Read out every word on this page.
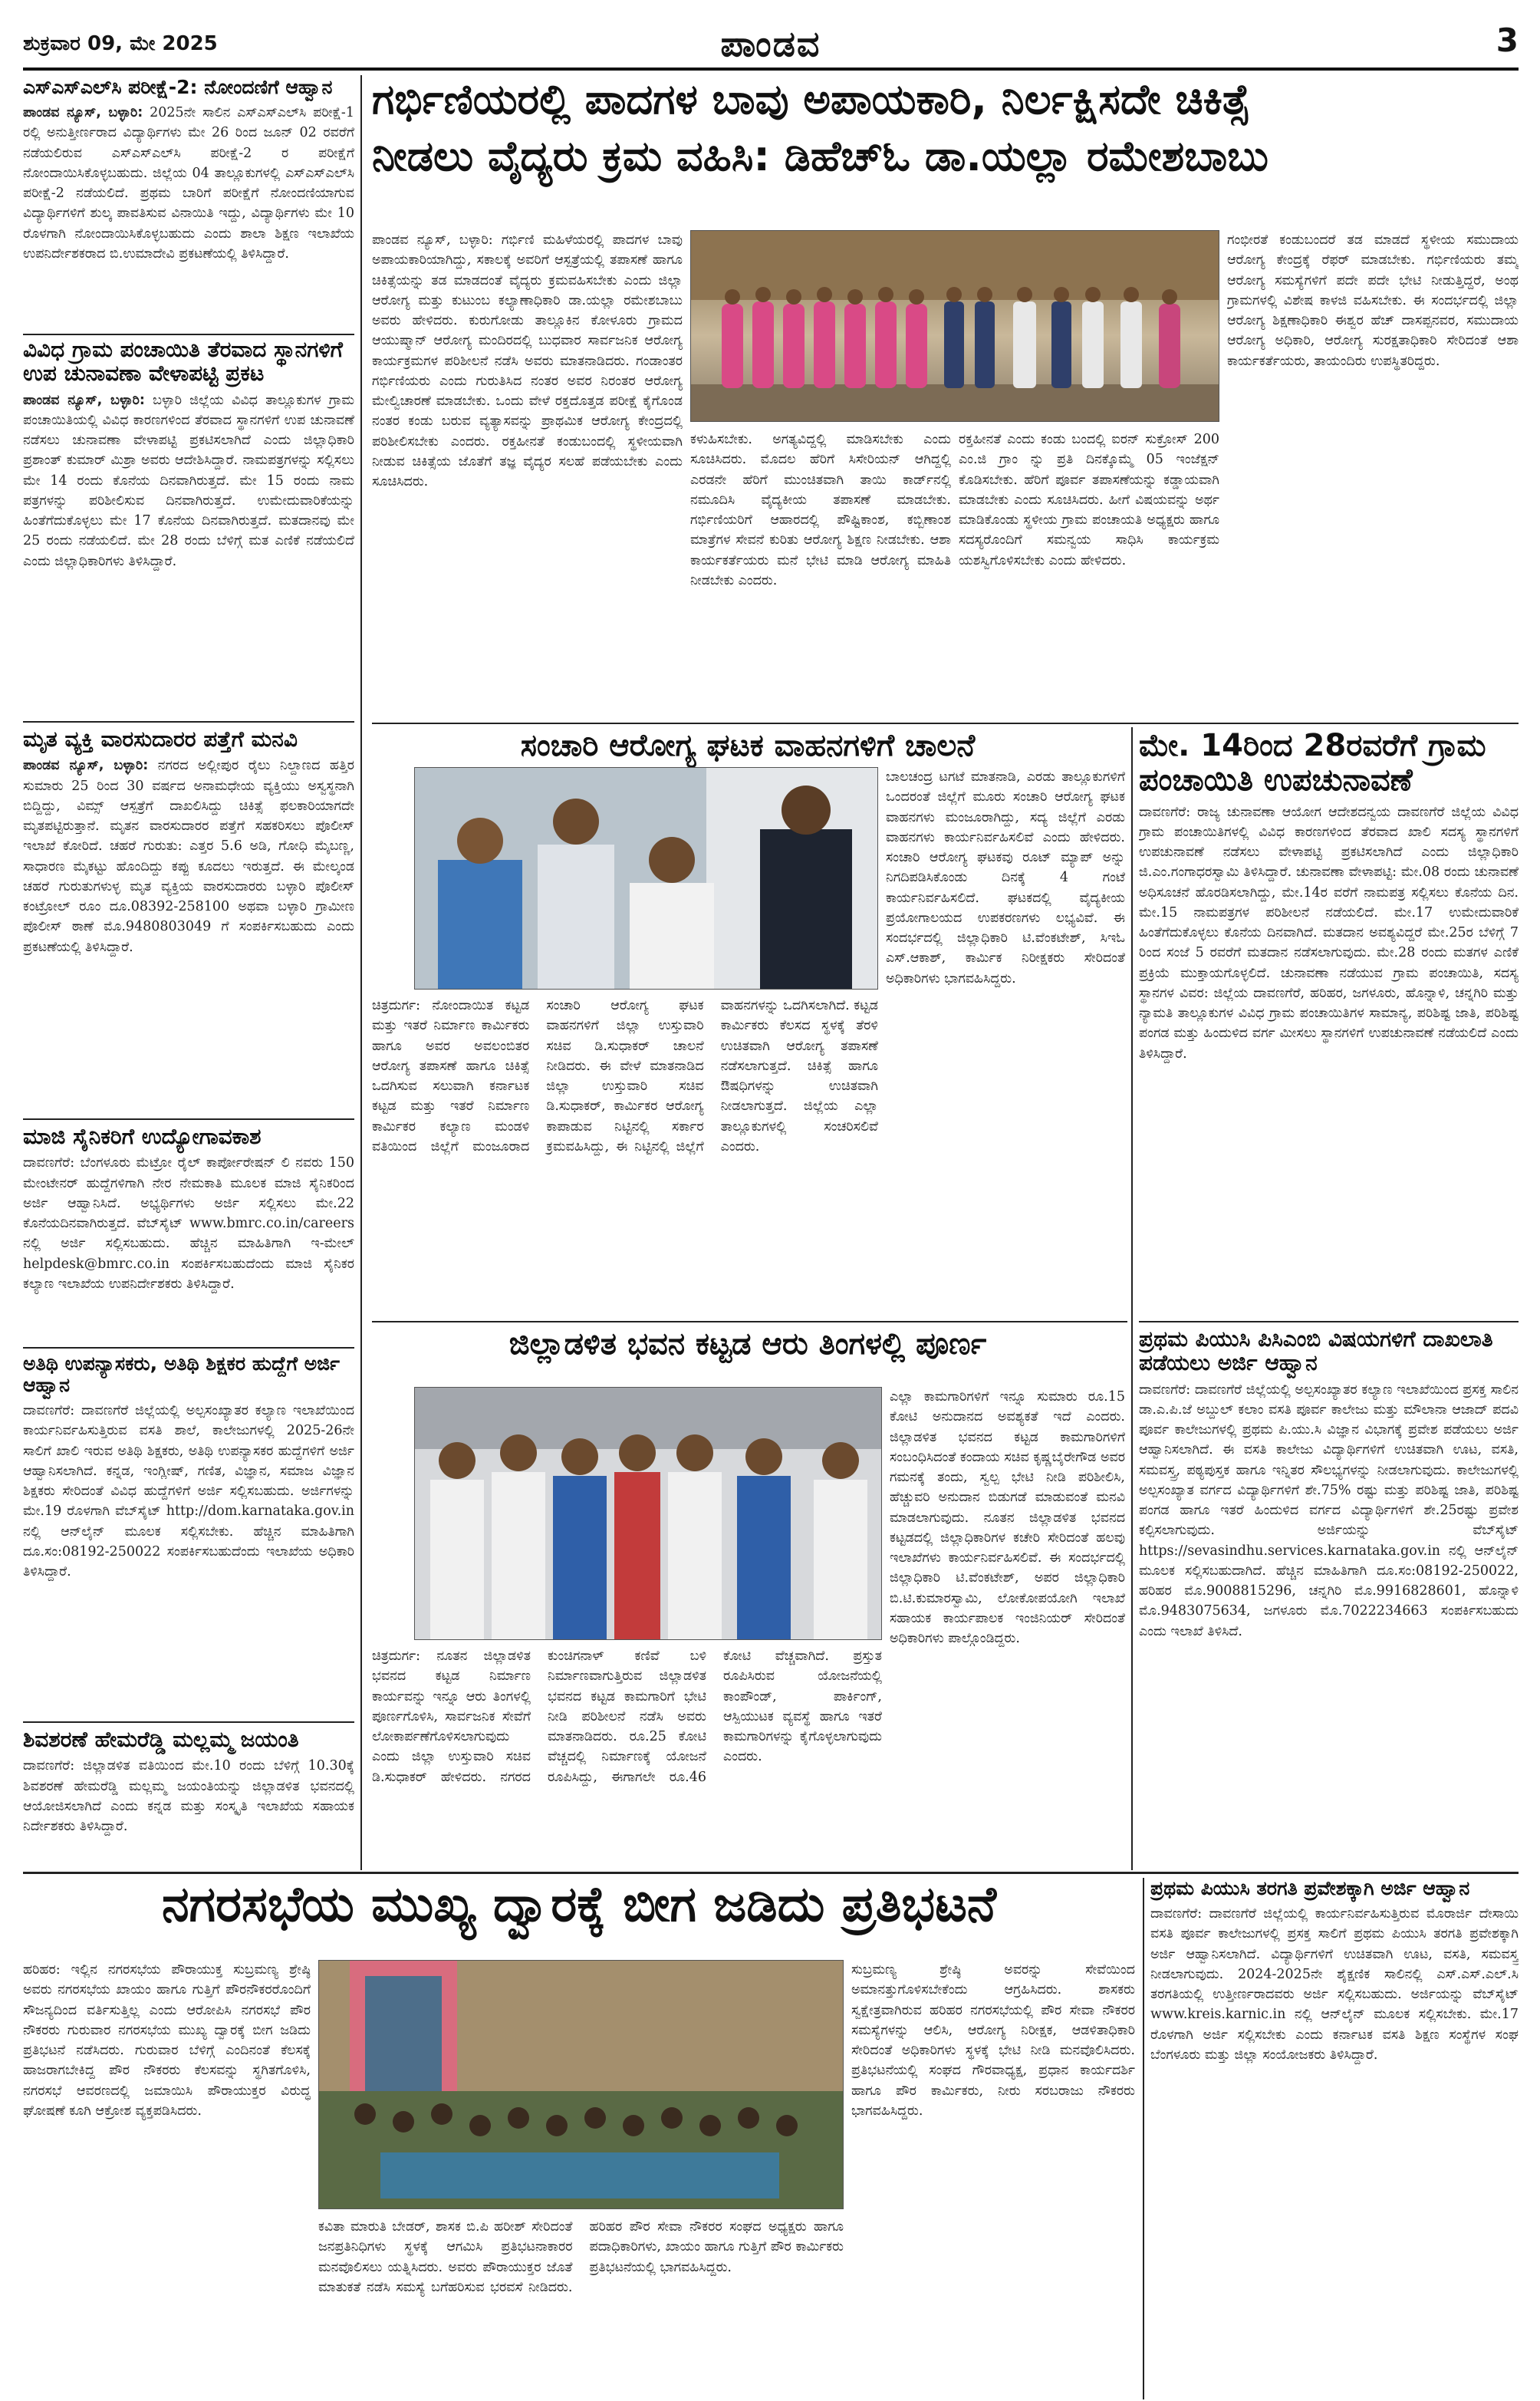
ಶುಕ್ರವಾರ 09, ಮೇ 2025	ಪಾಂಡವ	3
ಎಸ್‌ಎಸ್‌ಎಲ್‌ಸಿ ಪರೀಕ್ಷೆ-2: ನೋಂದಣಿಗೆ ಆಹ್ವಾನ
ಪಾಂಡವ ನ್ಯೂಸ್, ಬಳ್ಳಾರಿ: 2025ನೇ ಸಾಲಿನ ಎಸ್‌ಎಸ್‌ಎಲ್‌ಸಿ ಪರೀಕ್ಷೆ-1 ರಲ್ಲಿ ಅನುತ್ತೀರ್ಣರಾದ ವಿದ್ಯಾರ್ಥಿಗಳು ಮೇ 26 ರಿಂದ ಜೂನ್ 02 ರವರೆಗೆ ನಡೆಯಲಿರುವ ಎಸ್‌ಎಸ್‌ಎಲ್‌ಸಿ ಪರೀಕ್ಷೆ-2 ರ ಪರೀಕ್ಷೆಗೆ ನೋಂದಾಯಿಸಿಕೊಳ್ಳಬಹುದು. ಜಿಲ್ಲೆಯ 04 ತಾಲ್ಲೂಕುಗಳಲ್ಲಿ ಎಸ್‌ಎಸ್‌ಎಲ್‌ಸಿ ಪರೀಕ್ಷೆ-2 ನಡೆಯಲಿದೆ. ಪ್ರಥಮ ಬಾರಿಗೆ ಪರೀಕ್ಷೆಗೆ ನೋಂದಣಿಯಾಗುವ ವಿದ್ಯಾರ್ಥಿಗಳಿಗೆ ಶುಲ್ಕ ಪಾವತಿಸುವ ವಿನಾಯಿತಿ ಇದ್ದು, ವಿದ್ಯಾರ್ಥಿಗಳು ಮೇ 10 ರೊಳಗಾಗಿ ನೋಂದಾಯಿಸಿಕೊಳ್ಳಬಹುದು ಎಂದು ಶಾಲಾ ಶಿಕ್ಷಣ ಇಲಾಖೆಯ ಉಪನಿರ್ದೇಶಕರಾದ ಬಿ.ಉಮಾದೇವಿ ಪ್ರಕಟಣೆಯಲ್ಲಿ ತಿಳಿಸಿದ್ದಾರೆ.
ವಿವಿಧ ಗ್ರಾಮ ಪಂಚಾಯಿತಿ ತೆರವಾದ ಸ್ಥಾನಗಳಿಗೆ ಉಪ ಚುನಾವಣಾ ವೇಳಾಪಟ್ಟಿ ಪ್ರಕಟ
ಪಾಂಡವ ನ್ಯೂಸ್, ಬಳ್ಳಾರಿ: ಬಳ್ಳಾರಿ ಜಿಲ್ಲೆಯ ವಿವಿಧ ತಾಲ್ಲೂಕುಗಳ ಗ್ರಾಮ ಪಂಚಾಯಿತಿಯಲ್ಲಿ ವಿವಿಧ ಕಾರಣಗಳಿಂದ ತೆರವಾದ ಸ್ಥಾನಗಳಿಗೆ ಉಪ ಚುನಾವಣೆ ನಡೆಸಲು ಚುನಾವಣಾ ವೇಳಾಪಟ್ಟಿ ಪ್ರಕಟಿಸಲಾಗಿದೆ ಎಂದು ಜಿಲ್ಲಾಧಿಕಾರಿ ಪ್ರಶಾಂತ್ ಕುಮಾರ್ ಮಿಶ್ರಾ ಅವರು ಆದೇಶಿಸಿದ್ದಾರೆ. ನಾಮಪತ್ರಗಳನ್ನು ಸಲ್ಲಿಸಲು ಮೇ 14 ರಂದು ಕೊನೆಯ ದಿನವಾಗಿರುತ್ತದೆ. ಮೇ 15 ರಂದು ನಾಮ ಪತ್ರಗಳನ್ನು ಪರಿಶೀಲಿಸುವ ದಿನವಾಗಿರುತ್ತದೆ. ಉಮೇದುವಾರಿಕೆಯನ್ನು ಹಿಂತೆಗೆದುಕೊಳ್ಳಲು ಮೇ 17 ಕೊನೆಯ ದಿನವಾಗಿರುತ್ತದೆ. ಮತದಾನವು ಮೇ 25 ರಂದು ನಡೆಯಲಿದೆ. ಮೇ 28 ರಂದು ಬೆಳಿಗ್ಗೆ ಮತ ಎಣಿಕೆ ನಡೆಯಲಿದೆ ಎಂದು ಜಿಲ್ಲಾಧಿಕಾರಿಗಳು ತಿಳಿಸಿದ್ದಾರೆ.
ಮೃತ ವ್ಯಕ್ತಿ ವಾರಸುದಾರರ ಪತ್ತೆಗೆ ಮನವಿ
ಪಾಂಡವ ನ್ಯೂಸ್, ಬಳ್ಳಾರಿ: ನಗರದ ಅಲ್ಲೀಪುರ ರೈಲು ನಿಲ್ದಾಣದ ಹತ್ತಿರ ಸುಮಾರು 25 ರಿಂದ 30 ವರ್ಷದ ಅನಾಮಧೇಯ ವ್ಯಕ್ತಿಯು ಅಸ್ವಸ್ಥನಾಗಿ ಬಿದ್ದಿದ್ದು, ವಿಮ್ಸ್ ಆಸ್ಪತ್ರೆಗೆ ದಾಖಲಿಸಿದ್ದು ಚಿಕಿತ್ಸೆ ಫಲಕಾರಿಯಾಗದೇ ಮೃತಪಟ್ಟಿರುತ್ತಾನೆ. ಮೃತನ ವಾರಸುದಾರರ ಪತ್ತೆಗೆ ಸಹಕರಿಸಲು ಪೊಲೀಸ್ ಇಲಾಖೆ ಕೋರಿದೆ. ಚಹರೆ ಗುರುತು: ಎತ್ತರ 5.6 ಅಡಿ, ಗೋಧಿ ಮೈಬಣ್ಣ, ಸಾಧಾರಣ ಮೈಕಟ್ಟು ಹೊಂದಿದ್ದು ಕಪ್ಪು ಕೂದಲು ಇರುತ್ತದೆ. ಈ ಮೇಲ್ಕಂಡ ಚಹರೆ ಗುರುತುಗಳುಳ್ಳ ಮೃತ ವ್ಯಕ್ತಿಯ ವಾರಸುದಾರರು ಬಳ್ಳಾರಿ ಪೊಲೀಸ್ ಕಂಟ್ರೋಲ್ ರೂಂ ದೂ.08392-258100 ಅಥವಾ ಬಳ್ಳಾರಿ ಗ್ರಾಮೀಣ ಪೊಲೀಸ್ ಠಾಣೆ ಮೊ.9480803049 ಗೆ ಸಂಪರ್ಕಿಸಬಹುದು ಎಂದು ಪ್ರಕಟಣೆಯಲ್ಲಿ ತಿಳಿಸಿದ್ದಾರೆ.
ಮಾಜಿ ಸೈನಿಕರಿಗೆ ಉದ್ಯೋಗಾವಕಾಶ
ದಾವಣಗೆರೆ: ಬೆಂಗಳೂರು ಮೆಟ್ರೋ ರೈಲ್ ಕಾರ್ಪೋರೇಷನ್ ಲಿ ನವರು 150 ಮೇಂಟೇನರ್ ಹುದ್ದೆಗಳಿಗಾಗಿ ನೇರ ನೇಮಕಾತಿ ಮೂಲಕ ಮಾಜಿ ಸೈನಿಕರಿಂದ ಅರ್ಜಿ ಆಹ್ವಾನಿಸಿದೆ. ಅಭ್ಯರ್ಥಿಗಳು ಅರ್ಜಿ ಸಲ್ಲಿಸಲು ಮೇ.22 ಕೊನೆಯದಿನವಾಗಿರುತ್ತದೆ. ವೆಬ್‌ಸೈಟ್ www.bmrc.co.in/careers ನಲ್ಲಿ ಅರ್ಜಿ ಸಲ್ಲಿಸಬಹುದು. ಹೆಚ್ಚಿನ ಮಾಹಿತಿಗಾಗಿ ಇ-ಮೇಲ್ helpdesk@bmrc.co.in ಸಂಪರ್ಕಿಸಬಹುದೆಂದು ಮಾಜಿ ಸೈನಿಕರ ಕಲ್ಯಾಣ ಇಲಾಖೆಯ ಉಪನಿರ್ದೇಶಕರು ತಿಳಿಸಿದ್ದಾರೆ.
ಅತಿಥಿ ಉಪನ್ಯಾಸಕರು, ಅತಿಥಿ ಶಿಕ್ಷಕರ ಹುದ್ದೆಗೆ ಅರ್ಜಿ ಆಹ್ವಾನ
ದಾವಣಗೆರೆ: ದಾವಣಗೆರೆ ಜಿಲ್ಲೆಯಲ್ಲಿ ಅಲ್ಪಸಂಖ್ಯಾತರ ಕಲ್ಯಾಣ ಇಲಾಖೆಯಿಂದ ಕಾರ್ಯನಿರ್ವಹಿಸುತ್ತಿರುವ ವಸತಿ ಶಾಲೆ, ಕಾಲೇಜುಗಳಲ್ಲಿ 2025-26ನೇ ಸಾಲಿಗೆ ಖಾಲಿ ಇರುವ ಅತಿಥಿ ಶಿಕ್ಷಕರು, ಅತಿಥಿ ಉಪನ್ಯಾಸಕರ ಹುದ್ದೆಗಳಿಗೆ ಅರ್ಜಿ ಆಹ್ವಾನಿಸಲಾಗಿದೆ. ಕನ್ನಡ, ಇಂಗ್ಲೀಷ್, ಗಣಿತ, ವಿಜ್ಞಾನ, ಸಮಾಜ ವಿಜ್ಞಾನ ಶಿಕ್ಷಕರು ಸೇರಿದಂತೆ ವಿವಿಧ ಹುದ್ದೆಗಳಿಗೆ ಅರ್ಜಿ ಸಲ್ಲಿಸಬಹುದು. ಅರ್ಜಿಗಳನ್ನು ಮೇ.19 ರೊಳಗಾಗಿ ವೆಬ್‌ಸೈಟ್ http://dom.karnataka.gov.in ನಲ್ಲಿ ಆನ್‌ಲೈನ್ ಮೂಲಕ ಸಲ್ಲಿಸಬೇಕು. ಹೆಚ್ಚಿನ ಮಾಹಿತಿಗಾಗಿ ದೂ.ಸಂ:08192-250022 ಸಂಪರ್ಕಿಸಬಹುದೆಂದು ಇಲಾಖೆಯ ಅಧಿಕಾರಿ ತಿಳಿಸಿದ್ದಾರೆ.
ಶಿವಶರಣೆ ಹೇಮರೆಡ್ಡಿ ಮಲ್ಲಮ್ಮ ಜಯಂತಿ
ದಾವಣಗೆರೆ: ಜಿಲ್ಲಾಡಳಿತ ವತಿಯಿಂದ ಮೇ.10 ರಂದು ಬೆಳಿಗ್ಗೆ 10.30ಕ್ಕೆ ಶಿವಶರಣೆ ಹೇಮರೆಡ್ಡಿ ಮಲ್ಲಮ್ಮ ಜಯಂತಿಯನ್ನು ಜಿಲ್ಲಾಡಳಿತ ಭವನದಲ್ಲಿ ಆಯೋಜಿಸಲಾಗಿದೆ ಎಂದು ಕನ್ನಡ ಮತ್ತು ಸಂಸ್ಕೃತಿ ಇಲಾಖೆಯ ಸಹಾಯಕ ನಿರ್ದೇಶಕರು ತಿಳಿಸಿದ್ದಾರೆ.
ಗರ್ಭಿಣಿಯರಲ್ಲಿ ಪಾದಗಳ ಬಾವು ಅಪಾಯಕಾರಿ, ನಿರ್ಲಕ್ಷಿಸದೇ ಚಿಕಿತ್ಸೆ
ನೀಡಲು ವೈದ್ಯರು ಕ್ರಮ ವಹಿಸಿ: ಡಿಹೆಚ್‌ಓ ಡಾ.ಯಲ್ಲಾ ರಮೇಶಬಾಬು
ಪಾಂಡವ ನ್ಯೂಸ್, ಬಳ್ಳಾರಿ: ಗರ್ಭಿಣಿ ಮಹಿಳೆಯರಲ್ಲಿ ಪಾದಗಳ ಬಾವು ಅಪಾಯಕಾರಿಯಾಗಿದ್ದು, ಸಕಾಲಕ್ಕೆ ಅವರಿಗೆ ಆಸ್ಪತ್ರೆಯಲ್ಲಿ ತಪಾಸಣೆ ಹಾಗೂ ಚಿಕಿತ್ಸೆಯನ್ನು ತಡ ಮಾಡದಂತೆ ವೈದ್ಯರು ಕ್ರಮವಹಿಸಬೇಕು ಎಂದು ಜಿಲ್ಲಾ ಆರೋಗ್ಯ ಮತ್ತು ಕುಟುಂಬ ಕಲ್ಯಾಣಾಧಿಕಾರಿ ಡಾ.ಯಲ್ಲಾ ರಮೇಶಬಾಬು ಅವರು ಹೇಳಿದರು. ಕುರುಗೋಡು ತಾಲ್ಲೂಕಿನ ಕೋಳೂರು ಗ್ರಾಮದ ಆಯುಷ್ಮಾನ್ ಆರೋಗ್ಯ ಮಂದಿರದಲ್ಲಿ ಬುಧವಾರ ಸಾರ್ವಜನಿಕ ಆರೋಗ್ಯ ಕಾರ್ಯಕ್ರಮಗಳ ಪರಿಶೀಲನೆ ನಡೆಸಿ ಅವರು ಮಾತನಾಡಿದರು. ಗಂಡಾಂತರ ಗರ್ಭಿಣಿಯರು ಎಂದು ಗುರುತಿಸಿದ ನಂತರ ಅವರ ನಿರಂತರ ಆರೋಗ್ಯ ಮೇಲ್ವಿಚಾರಣೆ ಮಾಡಬೇಕು. ಒಂದು ವೇಳೆ ರಕ್ತದೊತ್ತಡ ಪರೀಕ್ಷೆ ಕೈಗೊಂಡ ನಂತರ ಕಂಡು ಬರುವ ವ್ಯತ್ಯಾಸವನ್ನು ಪ್ರಾಥಮಿಕ ಆರೋಗ್ಯ ಕೇಂದ್ರದಲ್ಲಿ ಪರಿಶೀಲಿಸಬೇಕು ಎಂದರು. ರಕ್ತಹೀನತೆ ಕಂಡುಬಂದಲ್ಲಿ ಸ್ಥಳೀಯವಾಗಿ ನೀಡುವ ಚಿಕಿತ್ಸೆಯ ಜೊತೆಗೆ ತಜ್ಞ ವೈದ್ಯರ ಸಲಹೆ ಪಡೆಯಬೇಕು ಎಂದು ಸೂಚಿಸಿದರು.
ಕಳುಹಿಸಬೇಕು. ಅಗತ್ಯವಿದ್ದಲ್ಲಿ ಮಾಡಿಸಬೇಕು ಎಂದು ಸೂಚಿಸಿದರು. ಮೊದಲ ಹೆರಿಗೆ ಸಿಸೇರಿಯನ್ ಆಗಿದ್ದಲ್ಲಿ ಎರಡನೇ ಹೆರಿಗೆ ಮುಂಚಿತವಾಗಿ ತಾಯಿ ಕಾರ್ಡ್‌ನಲ್ಲಿ ನಮೂದಿಸಿ ವೈದ್ಯಕೀಯ ತಪಾಸಣೆ ಮಾಡಬೇಕು. ಗರ್ಭಿಣಿಯರಿಗೆ ಆಹಾರದಲ್ಲಿ ಪೌಷ್ಟಿಕಾಂಶ, ಕಬ್ಬಿಣಾಂಶ ಮಾತ್ರೆಗಳ ಸೇವನೆ ಕುರಿತು ಆರೋಗ್ಯ ಶಿಕ್ಷಣ ನೀಡಬೇಕು. ಆಶಾ ಕಾರ್ಯಕರ್ತೆಯರು ಮನೆ ಭೇಟಿ ಮಾಡಿ ಆರೋಗ್ಯ ಮಾಹಿತಿ ನೀಡಬೇಕು ಎಂದರು.
ರಕ್ತಹೀನತೆ ಎಂದು ಕಂಡು ಬಂದಲ್ಲಿ ಐರನ್ ಸುಕ್ರೋಸ್ 200 ಎಂ.ಜಿ ಗ್ರಾಂ ನ್ನು ಪ್ರತಿ ದಿನಕ್ಕೊಮ್ಮೆ 05 ಇಂಜೆಕ್ಷನ್ ಕೊಡಿಸಬೇಕು. ಹೆರಿಗೆ ಪೂರ್ವ ತಪಾಸಣೆಯನ್ನು ಕಡ್ಡಾಯವಾಗಿ ಮಾಡಬೇಕು ಎಂದು ಸೂಚಿಸಿದರು. ಹೀಗೆ ವಿಷಯವನ್ನು ಅರ್ಥ ಮಾಡಿಕೊಂಡು ಸ್ಥಳೀಯ ಗ್ರಾಮ ಪಂಚಾಯತಿ ಅಧ್ಯಕ್ಷರು ಹಾಗೂ ಸದಸ್ಯರೊಂದಿಗೆ ಸಮನ್ವಯ ಸಾಧಿಸಿ ಕಾರ್ಯಕ್ರಮ ಯಶಸ್ವಿಗೊಳಿಸಬೇಕು ಎಂದು ಹೇಳಿದರು.
ಗಂಭೀರತೆ ಕಂಡುಬಂದರೆ ತಡ ಮಾಡದೆ ಸ್ಥಳೀಯ ಸಮುದಾಯ ಆರೋಗ್ಯ ಕೇಂದ್ರಕ್ಕೆ ರೆಫರ್ ಮಾಡಬೇಕು. ಗರ್ಭಿಣಿಯರು ತಮ್ಮ ಆರೋಗ್ಯ ಸಮಸ್ಯೆಗಳಿಗೆ ಪದೇ ಪದೇ ಭೇಟಿ ನೀಡುತ್ತಿದ್ದರೆ, ಅಂಥ ಗ್ರಾಮಗಳಲ್ಲಿ ವಿಶೇಷ ಕಾಳಜಿ ವಹಿಸಬೇಕು. ಈ ಸಂದರ್ಭದಲ್ಲಿ ಜಿಲ್ಲಾ ಆರೋಗ್ಯ ಶಿಕ್ಷಣಾಧಿಕಾರಿ ಈಶ್ವರ ಹೆಚ್ ದಾಸಪ್ಪನವರ, ಸಮುದಾಯ ಆರೋಗ್ಯ ಅಧಿಕಾರಿ, ಆರೋಗ್ಯ ಸುರಕ್ಷತಾಧಿಕಾರಿ ಸೇರಿದಂತೆ ಆಶಾ ಕಾರ್ಯಕರ್ತೆಯರು, ತಾಯಂದಿರು ಉಪಸ್ಥಿತರಿದ್ದರು.
ಸಂಚಾರಿ ಆರೋಗ್ಯ ಘಟಕ ವಾಹನಗಳಿಗೆ ಚಾಲನೆ
ಚಿತ್ರದುರ್ಗ: ನೋಂದಾಯಿತ ಕಟ್ಟಡ ಮತ್ತು ಇತರೆ ನಿರ್ಮಾಣ ಕಾರ್ಮಿಕರು ಹಾಗೂ ಅವರ ಅವಲಂಬಿತರ ಆರೋಗ್ಯ ತಪಾಸಣೆ ಹಾಗೂ ಚಿಕಿತ್ಸೆ ಒದಗಿಸುವ ಸಲುವಾಗಿ ಕರ್ನಾಟಕ ಕಟ್ಟಡ ಮತ್ತು ಇತರೆ ನಿರ್ಮಾಣ ಕಾರ್ಮಿಕರ ಕಲ್ಯಾಣ ಮಂಡಳಿ ವತಿಯಿಂದ ಜಿಲ್ಲೆಗೆ ಮಂಜೂರಾದ ಸಂಚಾರಿ ಆರೋಗ್ಯ ಘಟಕ ವಾಹನಗಳಿಗೆ ಜಿಲ್ಲಾ ಉಸ್ತುವಾರಿ ಸಚಿವ ಡಿ.ಸುಧಾಕರ್ ಚಾಲನೆ ನೀಡಿದರು. ಈ ವೇಳೆ ಮಾತನಾಡಿದ ಜಿಲ್ಲಾ ಉಸ್ತುವಾರಿ ಸಚಿವ ಡಿ.ಸುಧಾಕರ್, ಕಾರ್ಮಿಕರ ಆರೋಗ್ಯ ಕಾಪಾಡುವ ನಿಟ್ಟಿನಲ್ಲಿ ಸರ್ಕಾರ ಕ್ರಮವಹಿಸಿದ್ದು, ಈ ನಿಟ್ಟಿನಲ್ಲಿ ಜಿಲ್ಲೆಗೆ ವಾಹನಗಳನ್ನು ಒದಗಿಸಲಾಗಿದೆ. ಕಟ್ಟಡ ಕಾರ್ಮಿಕರು ಕೆಲಸದ ಸ್ಥಳಕ್ಕೆ ತೆರಳಿ ಉಚಿತವಾಗಿ ಆರೋಗ್ಯ ತಪಾಸಣೆ ನಡೆಸಲಾಗುತ್ತದೆ. ಚಿಕಿತ್ಸೆ ಹಾಗೂ ಔಷಧಿಗಳನ್ನು ಉಚಿತವಾಗಿ ನೀಡಲಾಗುತ್ತದೆ. ಜಿಲ್ಲೆಯ ಎಲ್ಲಾ ತಾಲ್ಲೂಕುಗಳಲ್ಲಿ ಸಂಚರಿಸಲಿವೆ ಎಂದರು.
ಬಾಲಚಂದ್ರ ಟಗಟೆ ಮಾತನಾಡಿ, ಎರಡು ತಾಲ್ಲೂಕುಗಳಿಗೆ ಒಂದರಂತೆ ಜಿಲ್ಲೆಗೆ ಮೂರು ಸಂಚಾರಿ ಆರೋಗ್ಯ ಘಟಕ ವಾಹನಗಳು ಮಂಜೂರಾಗಿದ್ದು, ಸದ್ಯ ಜಿಲ್ಲೆಗೆ ಎರಡು ವಾಹನಗಳು ಕಾರ್ಯನಿರ್ವಹಿಸಲಿವೆ ಎಂದು ಹೇಳಿದರು. ಸಂಚಾರಿ ಆರೋಗ್ಯ ಘಟಕವು ರೂಟ್ ಮ್ಯಾಪ್ ಅನ್ನು ನಿಗದಿಪಡಿಸಿಕೊಂಡು ದಿನಕ್ಕೆ 4 ಗಂಟೆ ಕಾರ್ಯನಿರ್ವಹಿಸಲಿದೆ. ಘಟಕದಲ್ಲಿ ವೈದ್ಯಕೀಯ ಪ್ರಯೋಗಾಲಯದ ಉಪಕರಣಗಳು ಲಭ್ಯವಿವೆ. ಈ ಸಂದರ್ಭದಲ್ಲಿ ಜಿಲ್ಲಾಧಿಕಾರಿ ಟಿ.ವೆಂಕಟೇಶ್, ಸಿಇಓ ಎಸ್.ಆಕಾಶ್, ಕಾರ್ಮಿಕ ನಿರೀಕ್ಷಕರು ಸೇರಿದಂತೆ ಅಧಿಕಾರಿಗಳು ಭಾಗವಹಿಸಿದ್ದರು.
ಮೇ. 14ರಿಂದ 28ರವರೆಗೆ ಗ್ರಾಮ ಪಂಚಾಯಿತಿ ಉಪಚುನಾವಣೆ
ದಾವಣಗೆರೆ: ರಾಜ್ಯ ಚುನಾವಣಾ ಆಯೋಗ ಆದೇಶದನ್ವಯ ದಾವಣಗೆರೆ ಜಿಲ್ಲೆಯ ವಿವಿಧ ಗ್ರಾಮ ಪಂಚಾಯಿತಿಗಳಲ್ಲಿ ವಿವಿಧ ಕಾರಣಗಳಿಂದ ತೆರವಾದ ಖಾಲಿ ಸದಸ್ಯ ಸ್ಥಾನಗಳಿಗೆ ಉಪಚುನಾವಣೆ ನಡೆಸಲು ವೇಳಾಪಟ್ಟಿ ಪ್ರಕಟಿಸಲಾಗಿದೆ ಎಂದು ಜಿಲ್ಲಾಧಿಕಾರಿ ಜಿ.ಎಂ.ಗಂಗಾಧರಸ್ವಾಮಿ ತಿಳಿಸಿದ್ದಾರೆ. ಚುನಾವಣಾ ವೇಳಾಪಟ್ಟಿ: ಮೇ.08 ರಂದು ಚುನಾವಣೆ ಅಧಿಸೂಚನೆ ಹೊರಡಿಸಲಾಗಿದ್ದು, ಮೇ.14ರ ವರೆಗೆ ನಾಮಪತ್ರ ಸಲ್ಲಿಸಲು ಕೊನೆಯ ದಿನ. ಮೇ.15 ನಾಮಪತ್ರಗಳ ಪರಿಶೀಲನೆ ನಡೆಯಲಿದೆ. ಮೇ.17 ಉಮೇದುವಾರಿಕೆ ಹಿಂತೆಗೆದುಕೊಳ್ಳಲು ಕೊನೆಯ ದಿನವಾಗಿದೆ. ಮತದಾನ ಅವಶ್ಯವಿದ್ದರೆ ಮೇ.25ರ ಬೆಳಿಗ್ಗೆ 7 ರಿಂದ ಸಂಜೆ 5 ರವರೆಗೆ ಮತದಾನ ನಡೆಸಲಾಗುವುದು. ಮೇ.28 ರಂದು ಮತಗಳ ಎಣಿಕೆ ಪ್ರಕ್ರಿಯೆ ಮುಕ್ತಾಯಗೊಳ್ಳಲಿದೆ. ಚುನಾವಣಾ ನಡೆಯುವ ಗ್ರಾಮ ಪಂಚಾಯಿತಿ, ಸದಸ್ಯ ಸ್ಥಾನಗಳ ವಿವರ: ಜಿಲ್ಲೆಯ ದಾವಣಗೆರೆ, ಹರಿಹರ, ಜಗಳೂರು, ಹೊನ್ನಾಳಿ, ಚನ್ನಗಿರಿ ಮತ್ತು ನ್ಯಾಮತಿ ತಾಲ್ಲೂಕುಗಳ ವಿವಿಧ ಗ್ರಾಮ ಪಂಚಾಯಿತಿಗಳ ಸಾಮಾನ್ಯ, ಪರಿಶಿಷ್ಟ ಜಾತಿ, ಪರಿಶಿಷ್ಟ ಪಂಗಡ ಮತ್ತು ಹಿಂದುಳಿದ ವರ್ಗ ಮೀಸಲು ಸ್ಥಾನಗಳಿಗೆ ಉಪಚುನಾವಣೆ ನಡೆಯಲಿದೆ ಎಂದು ತಿಳಿಸಿದ್ದಾರೆ.
ಜಿಲ್ಲಾಡಳಿತ ಭವನ ಕಟ್ಟಡ ಆರು ತಿಂಗಳಲ್ಲಿ ಪೂರ್ಣ
ಚಿತ್ರದುರ್ಗ: ನೂತನ ಜಿಲ್ಲಾಡಳಿತ ಭವನದ ಕಟ್ಟಡ ನಿರ್ಮಾಣ ಕಾರ್ಯವನ್ನು ಇನ್ನೂ ಆರು ತಿಂಗಳಲ್ಲಿ ಪೂರ್ಣಗೊಳಿಸಿ, ಸಾರ್ವಜನಿಕ ಸೇವೆಗೆ ಲೋಕಾರ್ಪಣೆಗೊಳಿಸಲಾಗುವುದು ಎಂದು ಜಿಲ್ಲಾ ಉಸ್ತುವಾರಿ ಸಚಿವ ಡಿ.ಸುಧಾಕರ್ ಹೇಳಿದರು. ನಗರದ ಕುಂಚಿಗನಾಳ್ ಕಣಿವೆ ಬಳಿ ನಿರ್ಮಾಣವಾಗುತ್ತಿರುವ ಜಿಲ್ಲಾಡಳಿತ ಭವನದ ಕಟ್ಟಡ ಕಾಮಗಾರಿಗೆ ಭೇಟಿ ನೀಡಿ ಪರಿಶೀಲನೆ ನಡೆಸಿ ಅವರು ಮಾತನಾಡಿದರು. ರೂ.25 ಕೋಟಿ ವೆಚ್ಚದಲ್ಲಿ ನಿರ್ಮಾಣಕ್ಕೆ ಯೋಜನೆ ರೂಪಿಸಿದ್ದು, ಈಗಾಗಲೇ ರೂ.46 ಕೋಟಿ ವೆಚ್ಚವಾಗಿದೆ. ಪ್ರಸ್ತುತ ರೂಪಿಸಿರುವ ಯೋಜನೆಯಲ್ಲಿ ಕಾಂಪೌಂಡ್, ಪಾರ್ಕಿಂಗ್, ಆಸ್ಪಿಯುಟಕ ವ್ಯವಸ್ಥೆ ಹಾಗೂ ಇತರೆ ಕಾಮಗಾರಿಗಳನ್ನು ಕೈಗೊಳ್ಳಲಾಗುವುದು ಎಂದರು.
ಎಲ್ಲಾ ಕಾಮಗಾರಿಗಳಿಗೆ ಇನ್ನೂ ಸುಮಾರು ರೂ.15 ಕೋಟಿ ಅನುದಾನದ ಅವಶ್ಯಕತೆ ಇದೆ ಎಂದರು. ಜಿಲ್ಲಾಡಳಿತ ಭವನದ ಕಟ್ಟಡ ಕಾಮಗಾರಿಗಳಿಗೆ ಸಂಬಂಧಿಸಿದಂತೆ ಕಂದಾಯ ಸಚಿವ ಕೃಷ್ಣಬೈರೇಗೌಡ ಅವರ ಗಮನಕ್ಕೆ ತಂದು, ಸ್ವಲ್ಪ ಭೇಟಿ ನೀಡಿ ಪರಿಶೀಲಿಸಿ, ಹೆಚ್ಚುವರಿ ಅನುದಾನ ಬಿಡುಗಡೆ ಮಾಡುವಂತೆ ಮನವಿ ಮಾಡಲಾಗುವುದು. ನೂತನ ಜಿಲ್ಲಾಡಳಿತ ಭವನದ ಕಟ್ಟಡದಲ್ಲಿ ಜಿಲ್ಲಾಧಿಕಾರಿಗಳ ಕಚೇರಿ ಸೇರಿದಂತೆ ಹಲವು ಇಲಾಖೆಗಳು ಕಾರ್ಯನಿರ್ವಹಿಸಲಿವೆ. ಈ ಸಂದರ್ಭದಲ್ಲಿ ಜಿಲ್ಲಾಧಿಕಾರಿ ಟಿ.ವೆಂಕಟೇಶ್, ಅಪರ ಜಿಲ್ಲಾಧಿಕಾರಿ ಬಿ.ಟಿ.ಕುಮಾರಸ್ವಾಮಿ, ಲೋಕೋಪಯೋಗಿ ಇಲಾಖೆ ಸಹಾಯಕ ಕಾರ್ಯಪಾಲಕ ಇಂಜಿನಿಯರ್ ಸೇರಿದಂತೆ ಅಧಿಕಾರಿಗಳು ಪಾಲ್ಗೊಂಡಿದ್ದರು.
ಪ್ರಥಮ ಪಿಯುಸಿ ಪಿಸಿಎಂಬಿ ವಿಷಯಗಳಿಗೆ ದಾಖಲಾತಿ ಪಡೆಯಲು ಅರ್ಜಿ ಆಹ್ವಾನ
ದಾವಣಗೆರೆ: ದಾವಣಗೆರೆ ಜಿಲ್ಲೆಯಲ್ಲಿ ಅಲ್ಪಸಂಖ್ಯಾತರ ಕಲ್ಯಾಣ ಇಲಾಖೆಯಿಂದ ಪ್ರಸಕ್ತ ಸಾಲಿನ ಡಾ.ಎ.ಪಿ.ಜೆ ಅಬ್ದುಲ್ ಕಲಾಂ ವಸತಿ ಪೂರ್ವ ಕಾಲೇಜು ಮತ್ತು ಮೌಲಾನಾ ಆಜಾದ್ ಪದವಿ ಪೂರ್ವ ಕಾಲೇಜುಗಳಲ್ಲಿ ಪ್ರಥಮ ಪಿ.ಯು.ಸಿ ವಿಜ್ಞಾನ ವಿಭಾಗಕ್ಕೆ ಪ್ರವೇಶ ಪಡೆಯಲು ಅರ್ಜಿ ಆಹ್ವಾನಿಸಲಾಗಿದೆ. ಈ ವಸತಿ ಕಾಲೇಜು ವಿದ್ಯಾರ್ಥಿಗಳಿಗೆ ಉಚಿತವಾಗಿ ಊಟ, ವಸತಿ, ಸಮವಸ್ತ್ರ, ಪಠ್ಯಪುಸ್ತಕ ಹಾಗೂ ಇನ್ನಿತರ ಸೌಲಭ್ಯಗಳನ್ನು ನೀಡಲಾಗುವುದು. ಕಾಲೇಜುಗಳಲ್ಲಿ ಅಲ್ಪಸಂಖ್ಯಾತ ವರ್ಗದ ವಿದ್ಯಾರ್ಥಿಗಳಿಗೆ ಶೇ.75% ರಷ್ಟು ಮತ್ತು ಪರಿಶಿಷ್ಟ ಜಾತಿ, ಪರಿಶಿಷ್ಟ ಪಂಗಡ ಹಾಗೂ ಇತರೆ ಹಿಂದುಳಿದ ವರ್ಗದ ವಿದ್ಯಾರ್ಥಿಗಳಿಗೆ ಶೇ.25ರಷ್ಟು ಪ್ರವೇಶ ಕಲ್ಪಿಸಲಾಗುವುದು. ಅರ್ಜಿಯನ್ನು ವೆಬ್‌ಸೈಟ್ https://sevasindhu.services.karnataka.gov.in ನಲ್ಲಿ ಆನ್‌ಲೈನ್ ಮೂಲಕ ಸಲ್ಲಿಸಬಹುದಾಗಿದೆ. ಹೆಚ್ಚಿನ ಮಾಹಿತಿಗಾಗಿ ದೂ.ಸಂ:08192-250022, ಹರಿಹರ ಮೊ.9008815296, ಚನ್ನಗಿರಿ ಮೊ.9916828601, ಹೊನ್ನಾಳಿ ಮೊ.9483075634, ಜಗಳೂರು ಮೊ.7022234663 ಸಂಪರ್ಕಿಸಬಹುದು ಎಂದು ಇಲಾಖೆ ತಿಳಿಸಿದೆ.
ನಗರಸಭೆಯ ಮುಖ್ಯ ದ್ವಾರಕ್ಕೆ ಬೀಗ ಜಡಿದು ಪ್ರತಿಭಟನೆ
ಹರಿಹರ: ಇಲ್ಲಿನ ನಗರಸಭೆಯ ಪೌರಾಯುಕ್ತ ಸುಬ್ರಮಣ್ಯ ಶ್ರೇಷ್ಠಿ ಅವರು ನಗರಸಭೆಯ ಖಾಯಂ ಹಾಗೂ ಗುತ್ತಿಗೆ ಪೌರನೌಕರರೊಂದಿಗೆ ಸೌಜನ್ಯದಿಂದ ವರ್ತಿಸುತ್ತಿಲ್ಲ ಎಂದು ಆರೋಪಿಸಿ ನಗರಸಭೆ ಪೌರ ನೌಕರರು ಗುರುವಾರ ನಗರಸಭೆಯ ಮುಖ್ಯ ದ್ವಾರಕ್ಕೆ ಬೀಗ ಜಡಿದು ಪ್ರತಿಭಟನೆ ನಡೆಸಿದರು. ಗುರುವಾರ ಬೆಳಿಗ್ಗೆ ಎಂದಿನಂತೆ ಕೆಲಸಕ್ಕೆ ಹಾಜರಾಗಬೇಕಿದ್ದ ಪೌರ ನೌಕರರು ಕೆಲಸವನ್ನು ಸ್ಥಗಿತಗೊಳಿಸಿ, ನಗರಸಭೆ ಆವರಣದಲ್ಲಿ ಜಮಾಯಿಸಿ ಪೌರಾಯುಕ್ತರ ವಿರುದ್ಧ ಘೋಷಣೆ ಕೂಗಿ ಆಕ್ರೋಶ ವ್ಯಕ್ತಪಡಿಸಿದರು.
ಕವಿತಾ ಮಾರುತಿ ಬೇಡರ್, ಶಾಸಕ ಬಿ.ಪಿ ಹರೀಶ್ ಸೇರಿದಂತೆ ಜನಪ್ರತಿನಿಧಿಗಳು ಸ್ಥಳಕ್ಕೆ ಆಗಮಿಸಿ ಪ್ರತಿಭಟನಾಕಾರರ ಮನವೊಲಿಸಲು ಯತ್ನಿಸಿದರು. ಅವರು ಪೌರಾಯುಕ್ತರ ಜೊತೆ ಮಾತುಕತೆ ನಡೆಸಿ ಸಮಸ್ಯೆ ಬಗೆಹರಿಸುವ ಭರವಸೆ ನೀಡಿದರು. ಹರಿಹರ ಪೌರ ಸೇವಾ ನೌಕರರ ಸಂಘದ ಅಧ್ಯಕ್ಷರು ಹಾಗೂ ಪದಾಧಿಕಾರಿಗಳು, ಖಾಯಂ ಹಾಗೂ ಗುತ್ತಿಗೆ ಪೌರ ಕಾರ್ಮಿಕರು ಪ್ರತಿಭಟನೆಯಲ್ಲಿ ಭಾಗವಹಿಸಿದ್ದರು.
ಸುಬ್ರಮಣ್ಯ ಶ್ರೇಷ್ಠಿ ಅವರನ್ನು ಸೇವೆಯಿಂದ ಅಮಾನತ್ತುಗೊಳಿಸಬೇಕೆಂದು ಆಗ್ರಹಿಸಿದರು. ಶಾಸಕರು ಸ್ವಕ್ಷೇತ್ರವಾಗಿರುವ ಹರಿಹರ ನಗರಸಭೆಯಲ್ಲಿ ಪೌರ ಸೇವಾ ನೌಕರರ ಸಮಸ್ಯೆಗಳನ್ನು ಆಲಿಸಿ, ಆರೋಗ್ಯ ನಿರೀಕ್ಷಕ, ಆಡಳಿತಾಧಿಕಾರಿ ಸೇರಿದಂತೆ ಅಧಿಕಾರಿಗಳು ಸ್ಥಳಕ್ಕೆ ಭೇಟಿ ನೀಡಿ ಮನವೊಲಿಸಿದರು. ಪ್ರತಿಭಟನೆಯಲ್ಲಿ ಸಂಘದ ಗೌರವಾಧ್ಯಕ್ಷ, ಪ್ರಧಾನ ಕಾರ್ಯದರ್ಶಿ ಹಾಗೂ ಪೌರ ಕಾರ್ಮಿಕರು, ನೀರು ಸರಬರಾಜು ನೌಕರರು ಭಾಗವಹಿಸಿದ್ದರು.
ಪ್ರಥಮ ಪಿಯುಸಿ ತರಗತಿ ಪ್ರವೇಶಕ್ಕಾಗಿ ಅರ್ಜಿ ಆಹ್ವಾನ
ದಾವಣಗೆರೆ: ದಾವಣಗೆರೆ ಜಿಲ್ಲೆಯಲ್ಲಿ ಕಾರ್ಯನಿರ್ವಹಿಸುತ್ತಿರುವ ಮೊರಾರ್ಜಿ ದೇಸಾಯಿ ವಸತಿ ಪೂರ್ವ ಕಾಲೇಜುಗಳಲ್ಲಿ ಪ್ರಸಕ್ತ ಸಾಲಿಗೆ ಪ್ರಥಮ ಪಿಯುಸಿ ತರಗತಿ ಪ್ರವೇಶಕ್ಕಾಗಿ ಅರ್ಜಿ ಆಹ್ವಾನಿಸಲಾಗಿದೆ. ವಿದ್ಯಾರ್ಥಿಗಳಿಗೆ ಉಚಿತವಾಗಿ ಊಟ, ವಸತಿ, ಸಮವಸ್ತ್ರ ನೀಡಲಾಗುವುದು. 2024-2025ನೇ ಶೈಕ್ಷಣಿಕ ಸಾಲಿನಲ್ಲಿ ಎಸ್.ಎಸ್.ಎಲ್.ಸಿ ತರಗತಿಯಲ್ಲಿ ಉತ್ತೀರ್ಣರಾದವರು ಅರ್ಜಿ ಸಲ್ಲಿಸಬಹುದು. ಅರ್ಜಿಯನ್ನು ವೆಬ್‌ಸೈಟ್ www.kreis.karnic.in ನಲ್ಲಿ ಆನ್‌ಲೈನ್ ಮೂಲಕ ಸಲ್ಲಿಸಬೇಕು. ಮೇ.17 ರೊಳಗಾಗಿ ಅರ್ಜಿ ಸಲ್ಲಿಸಬೇಕು ಎಂದು ಕರ್ನಾಟಕ ವಸತಿ ಶಿಕ್ಷಣ ಸಂಸ್ಥೆಗಳ ಸಂಘ ಬೆಂಗಳೂರು ಮತ್ತು ಜಿಲ್ಲಾ ಸಂಯೋಜಕರು ತಿಳಿಸಿದ್ದಾರೆ.
